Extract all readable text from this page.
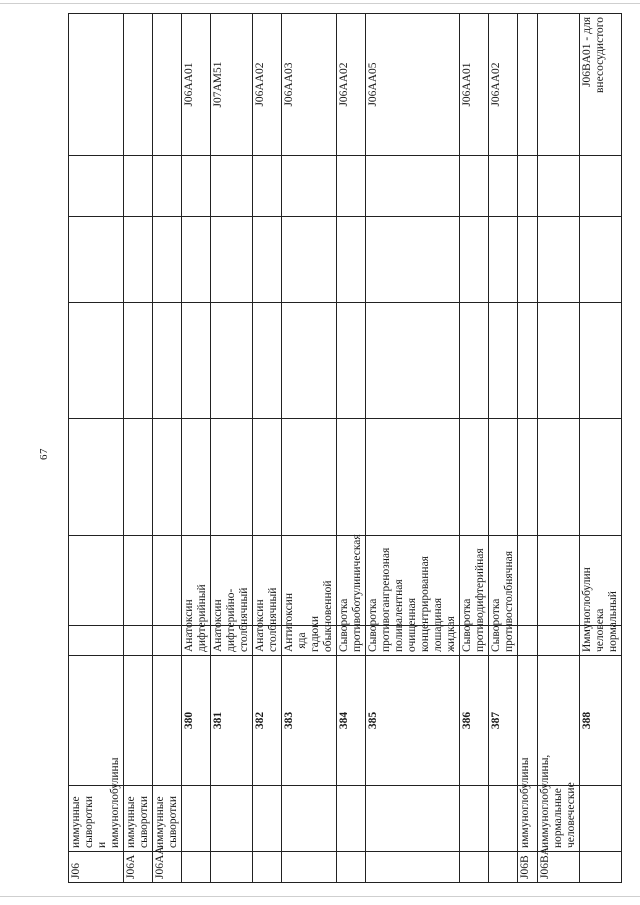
67
J06	иммунные сыворотки и иммуноглобулины								
J06A	иммунные сыворотки								
J06AA	иммунные сыворотки								
		380	Анатоксин дифтерийный						J06AA01
		381	Анатоксин дифтерийно-столбнячный						J07AM51
		382	Анатоксин столбнячный						J06AA02
		383	Антитоксин яда гадюки обыкновенной						J06AA03
		384	Сыворотка противоботулиническая						J06AA02
		385	Сыворотка противогангренозная поливалентная очищенная концентрированная лошадиная жидкая						J06AA05
		386	Сыворотка противодифтерийная						J06AA01
		387	Сыворотка противостолбнячная						J06AA02
J06B	иммуноглобулины								
J06BA	иммуноглобулины, нормальные человеческие								
		388	Иммуноглобулин человека нормальный						J06BA01 - для внесосудистого
